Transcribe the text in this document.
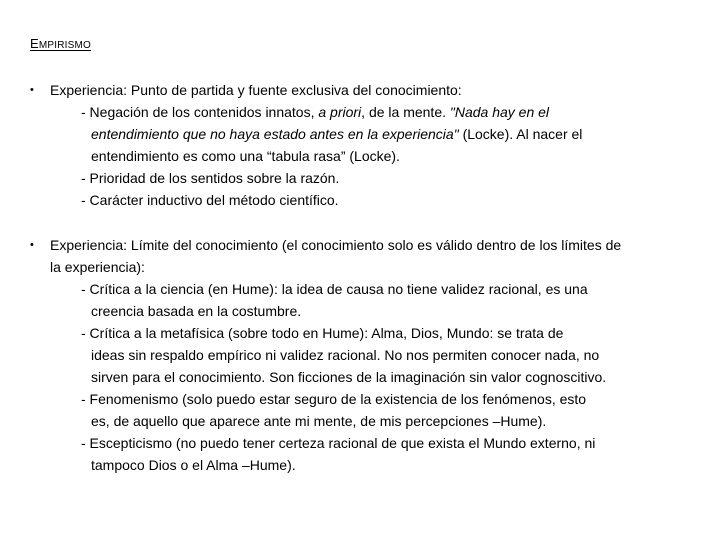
EMPIRISMO
•	Experiencia: Punto de partida y fuente exclusiva del conocimiento:
- Negación de los contenidos innatos, a priori, de la mente. "Nada hay en el
entendimiento que no haya estado antes en la experiencia" (Locke). Al nacer el
entendimiento es como una “tabula rasa” (Locke).
- Prioridad de los sentidos sobre la razón.
- Carácter inductivo del método científico.
•	Experiencia: Límite del conocimiento (el conocimiento solo es válido dentro de los límites de
la experiencia):
- Crítica a la ciencia (en Hume): la idea de causa no tiene validez racional, es una
creencia basada en la costumbre.
- Crítica a la metafísica (sobre todo en Hume): Alma, Dios, Mundo: se trata de
ideas sin respaldo empírico ni validez racional. No nos permiten conocer nada, no
sirven para el conocimiento. Son ficciones de la imaginación sin valor cognoscitivo.
- Fenomenismo (solo puedo estar seguro de la existencia de los fenómenos, esto
es, de aquello que aparece ante mi mente, de mis percepciones –Hume).
- Escepticismo (no puedo tener certeza racional de que exista el Mundo externo, ni
tampoco Dios o el Alma –Hume).
